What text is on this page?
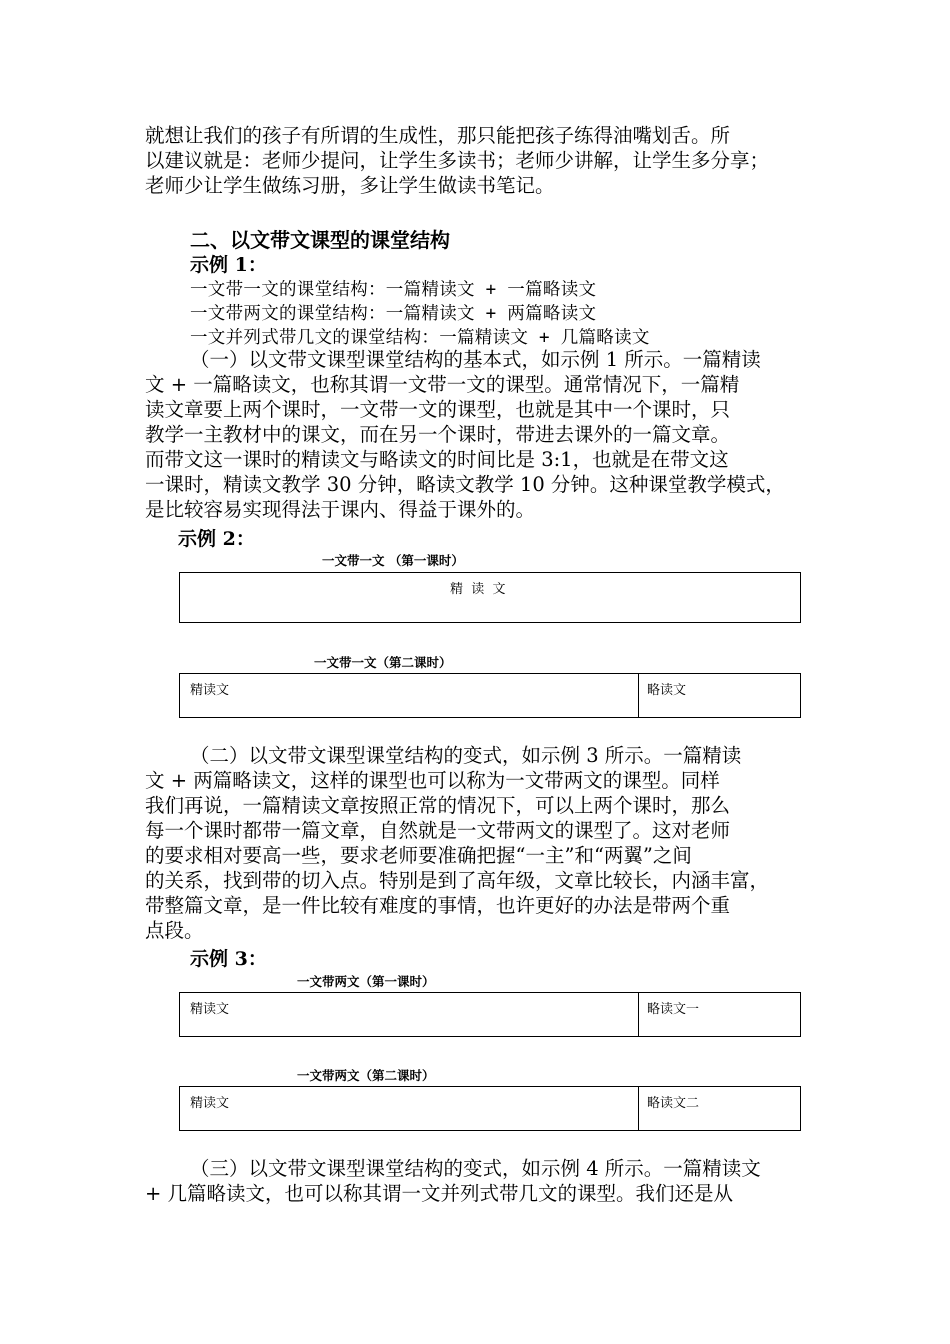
就想让我们的孩子有所谓的生成性，那只能把孩子练得油嘴划舌。所
以建议就是：老师少提问，让学生多读书；老师少讲解，让学生多分享；
老师少让学生做练习册，多让学生做读书笔记。
二、以文带文课型的课堂结构
示例 1：
一文带一文的课堂结构：一篇精读文 + 一篇略读文
一文带两文的课堂结构：一篇精读文 + 两篇略读文
一文并列式带几文的课堂结构：一篇精读文 + 几篇略读文
（一）以文带文课型课堂结构的基本式，如示例 1 所示。一篇精读
文 + 一篇略读文，也称其谓一文带一文的课型。通常情况下，一篇精
读文章要上两个课时，一文带一文的课型，也就是其中一个课时，只
教学一主教材中的课文，而在另一个课时，带进去课外的一篇文章。
而带文这一课时的精读文与略读文的时间比是 3:1，也就是在带文这
一课时，精读文教学 30 分钟，略读文教学 10 分钟。这种课堂教学模式，
是比较容易实现得法于课内、得益于课外的。
示例 2：
一文带一文 （第一课时）
精  读  文
一文带一文（第二课时）
精读文	略读文
（二）以文带文课型课堂结构的变式，如示例 3 所示。一篇精读
文 + 两篇略读文，这样的课型也可以称为一文带两文的课型。同样
我们再说，一篇精读文章按照正常的情况下，可以上两个课时，那么
每一个课时都带一篇文章，自然就是一文带两文的课型了。这对老师
的要求相对要高一些，要求老师要准确把握“一主”和“两翼”之间
的关系，找到带的切入点。特别是到了高年级，文章比较长，内涵丰富，
带整篇文章，是一件比较有难度的事情，也许更好的办法是带两个重
点段。
示例 3：
一文带两文（第一课时）
精读文	略读文一
一文带两文（第二课时）
精读文	略读文二
（三）以文带文课型课堂结构的变式，如示例 4 所示。一篇精读文
+ 几篇略读文，也可以称其谓一文并列式带几文的课型。我们还是从
